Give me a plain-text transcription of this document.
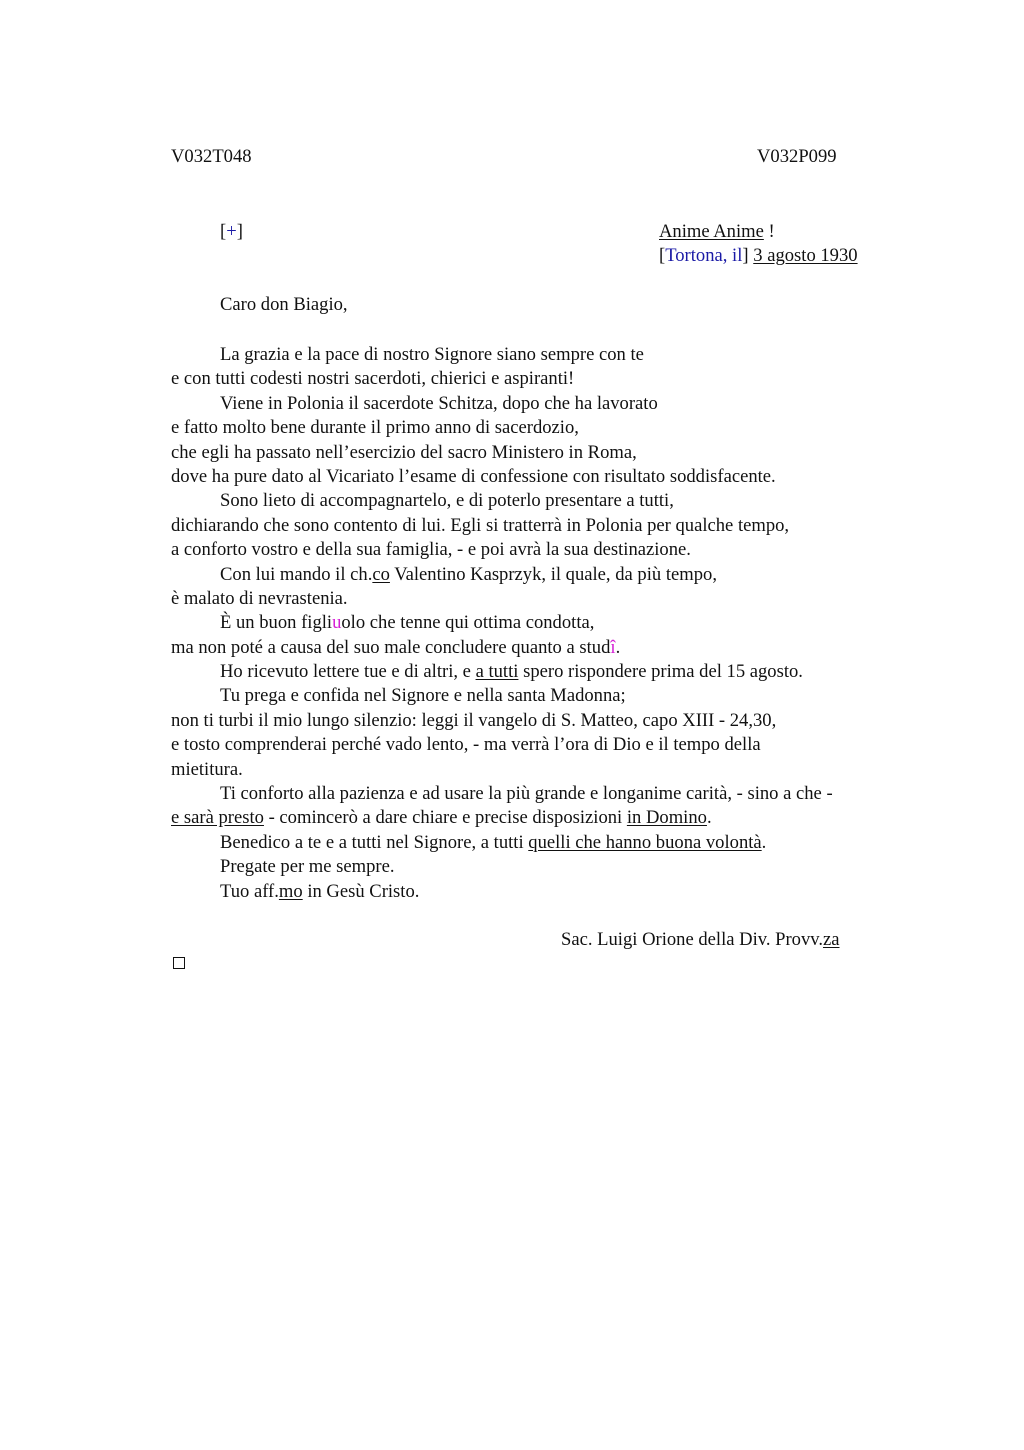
V032T048	V032P099
[+]	Anime Anime !
[Tortona, il] 3 agosto 1930
Caro don Biagio,
La grazia e la pace di nostro Signore siano sempre con te
e con tutti codesti nostri sacerdoti, chierici e aspiranti!
Viene in Polonia il sacerdote Schitza, dopo che ha lavorato
e fatto molto bene durante il primo anno di sacerdozio,
che egli ha passato nell’esercizio del sacro Ministero in Roma,
dove ha pure dato al Vicariato l’esame di confessione con risultato soddisfacente.
Sono lieto di accompagnartelo, e di poterlo presentare a tutti,
dichiarando che sono contento di lui. Egli si tratterrà in Polonia per qualche tempo,
a conforto vostro e della sua famiglia, - e poi avrà la sua destinazione.
Con lui mando il ch.co Valentino Kasprzyk, il quale, da più tempo,
è malato di nevrastenia.
È un buon figliuolo che tenne qui ottima condotta,
ma non poté a causa del suo male concludere quanto a studî.
Ho ricevuto lettere tue e di altri, e a tutti spero rispondere prima del 15 agosto.
Tu prega e confida nel Signore e nella santa Madonna;
non ti turbi il mio lungo silenzio: leggi il vangelo di S. Matteo, capo XIII - 24,30,
e tosto comprenderai perché vado lento, - ma verrà l’ora di Dio e il tempo della
mietitura.
Ti conforto alla pazienza e ad usare la più grande e longanime carità, - sino a che -
e sarà presto - comincerò a dare chiare e precise disposizioni in Domino.
Benedico a te e a tutti nel Signore, a tutti quelli che hanno buona volontà.
Pregate per me sempre.
Tuo aff.mo in Gesù Cristo.
Sac. Luigi Orione della Div. Provv.za
